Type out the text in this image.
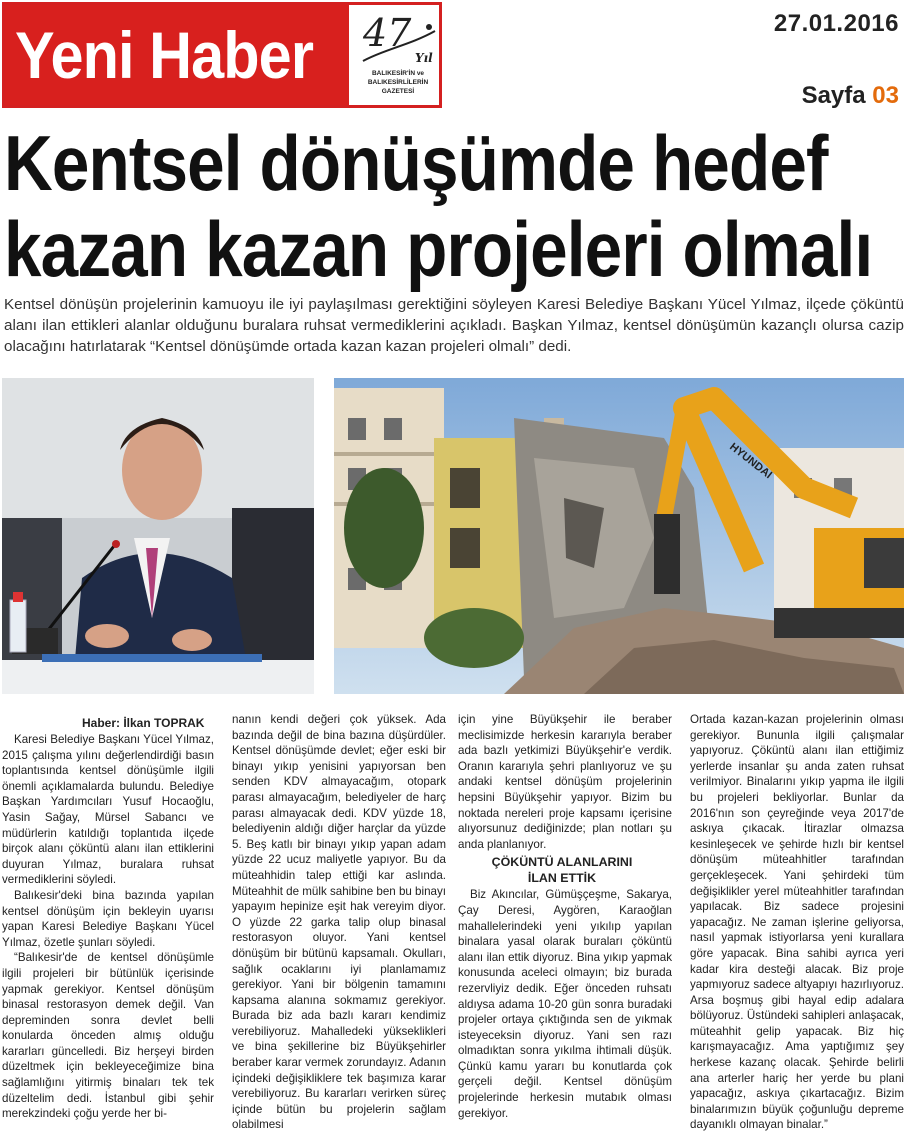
Yeni Haber 47
Yıl
BALIKESİR'İN ve BALIKESİRLİLERİN GAZETESİ
27.01.2016
Sayfa 03
Kentsel dönüşümde hedef
kazan kazan projeleri olmalı
Kentsel dönüşün projelerinin kamuoyu ile iyi paylaşılması gerektiğini söyleyen Karesi Belediye Başkanı Yücel Yılmaz, ilçede çöküntü alanı ilan ettikleri alanlar olduğunu buralara ruhsat vermediklerini açıkladı. Başkan Yılmaz, kentsel dönüşümün kazançlı olursa cazip olacağını hatırlatarak “Kentsel dönüşümde ortada kazan kazan projeleri olmalı” dedi.
HYUNDAI
Haber: İlkan TOPRAK

Karesi Belediye Başkanı Yücel Yılmaz, 2015 çalışma yılını değerlendirdiği basın toplantısında kentsel dönüşümle ilgili önemli açıklamalarda bulundu. Belediye Başkan Yardımcıları Yusuf Hocaoğlu, Yasin Sağay, Mürsel Sabancı ve müdürlerin katıldığı toplantıda ilçede birçok alanı çöküntü alanı ilan ettiklerini duyuran Yılmaz, buralara ruhsat vermediklerini söyledi.

Balıkesir'deki bina bazında yapılan kentsel dönüşüm için bekleyin uyarısı yapan Karesi Belediye Başkanı Yücel Yılmaz, özetle şunları söyledi.

“Balıkesir'de de kentsel dönüşümle ilgili projeleri bir bütünlük içerisinde yapmak gerekiyor. Kentsel dönüşüm binasal restorasyon demek değil. Van depreminden sonra devlet belli konularda önceden almış olduğu kararları güncelledi. Biz herşeyi birden düzeltmek için bekleyeceğimize bina sağlamlığını yitirmiş binaları tek tek düzeltelim dedi. İstanbul gibi şehir merekzindeki çoğu yerde her bi-

nanın kendi değeri çok yüksek. Ada bazında değil de bina bazına düşürdüler. Kentsel dönüşümde devlet; eğer eski bir binayı yıkıp yenisini yapıyorsan ben senden KDV almayacağım, otopark parası almayacağım, belediyeler de harç parası almayacak dedi. KDV yüzde 18, belediyenin aldığı diğer harçlar da yüzde 5. Beş katlı bir binayı yıkıp yapan adam yüzde 22 ucuz maliyetle yapıyor. Bu da müteahhidin talep ettiği kar aslında. Müteahhit de mülk sahibine ben bu binayı yapayım hepinize eşit hak vereyim diyor. O yüzde 22 garka talip olup binasal restorasyon oluyor. Yani kentsel dönüşüm bir bütünü kapsamalı. Okulları, sağlık ocaklarını iyi planlamamız gerekiyor. Yani bir bölgenin tamamını kapsama alanına sokmamız gerekiyor. Burada biz ada bazlı kararı kendimiz verebiliyoruz. Mahalledeki yükseklikleri ve bina şekillerine biz Büyükşehirler beraber karar vermek zorundayız. Adanın içindeki değişikliklere tek başımıza karar verebiliyoruz. Bu kararları verirken süreç içinde bütün bu projelerin sağlam olabilmesi

için yine Büyükşehir ile beraber meclisimizde herkesin kararıyla beraber ada bazlı yetkimizi Büyükşehir'e verdik. Oranın kararıyla şehri planlıyoruz ve şu andaki kentsel dönüşüm projelerinin hepsini Büyükşehir yapıyor. Bizim bu noktada nereleri proje kapsamı içerisine alıyorsunuz dediğinizde; plan notları şu anda planlanıyor.

ÇÖKÜNTÜ ALANLARINI
İLAN ETTİK

Biz Akıncılar, Gümüşçeşme, Sakarya, Çay Deresi, Aygören, Karaoğlan mahallelerindeki yeni yıkılıp yapılan binalara yasal olarak buraları çöküntü alanı ilan ettik diyoruz. Bina yıkıp yapmak konusunda aceleci olmayın; biz burada rezervliyiz dedik. Eğer önceden ruhsatı aldıysa adama 10-20 gün sonra buradaki projeler ortaya çıktığında sen de yıkmak isteyeceksin diyoruz. Yani sen razı olmadıktan sonra yıkılma ihtimali düşük. Çünkü kamu yararı bu konutlarda çok gerçeli değil. Kentsel dönüşüm projelerinde herkesin mutabık olması gerekiyor.

Ortada kazan-kazan projelerinin olması gerekiyor. Bununla ilgili çalışmalar yapıyoruz. Çöküntü alanı ilan ettiğimiz yerlerde insanlar şu anda zaten ruhsat verilmiyor. Binalarını yıkıp yapma ile ilgili bu projeleri bekliyorlar. Bunlar da 2016'nın son çeyreğinde veya 2017'de askıya çıkacak. İtirazlar olmazsa kesinleşecek ve şehirde hızlı bir kentsel dönüşüm müteahhitler tarafından gerçekleşecek. Yani şehirdeki tüm değişiklikler yerel müteahhitler tarafından yapılacak. Biz sadece projesini yapacağız. Ne zaman işlerine geliyorsa, nasıl yapmak istiyorlarsa yeni kurallara göre yapacak. Bina sahibi ayrıca yeri kadar kira desteği alacak. Biz proje yapmıyoruz sadece altyapıyı hazırlıyoruz. Arsa boşmuş gibi hayal edip adalara bölüyoruz. Üstündeki sahipleri anlaşacak, müteahhit gelip yapacak. Biz hiç karışmayacağız. Ama yaptığımız şey herkese kazanç olacak. Şehirde belirli ana arterler hariç her yerde bu plani yapacağız, askıya çıkartacağız. Bizim binalarımızın büyük çoğunluğu depreme dayanıklı olmayan binalar.”
